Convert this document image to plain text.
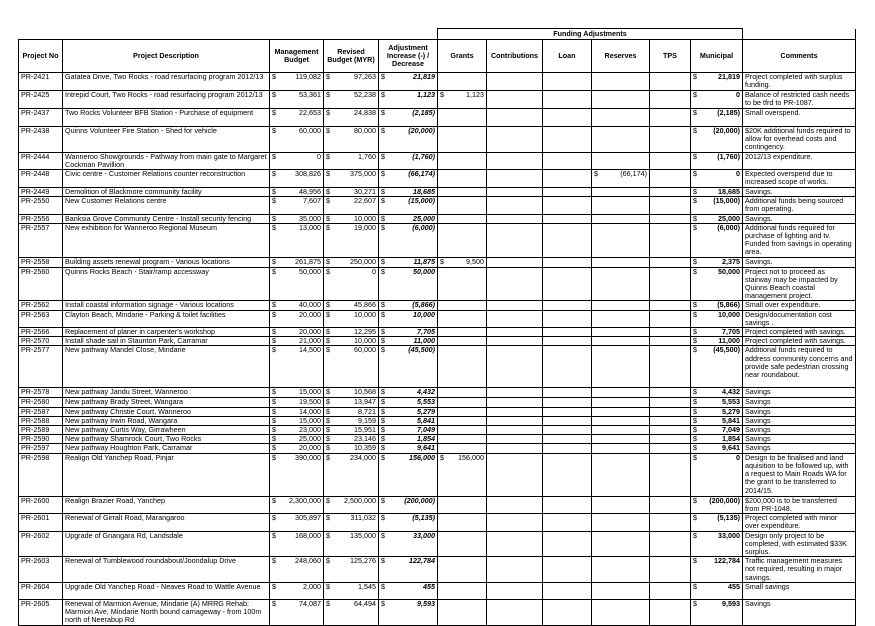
					Funding Adjustments						
Project No	Project Description	Management Budget	Revised Budget (MYR)	Adjustment Increase (-) / Decrease	Grants	Contributions	Loan	Reserves	TPS	Municipal	Comments
PR-2421	Gatatea Drive, Two Rocks - road resurfacing program 2012/13	$ 119,082	$ 97,263	$ 21,819						$ 21,819	Project completed with surplus funding.
PR-2425	Intrepid Court, Two Rocks - road resurfacing program 2012/13	$ 53,361	$ 52,238	$ 1,123	$ 1,123					$ 0	Balance of restricted cash needs to be tfrd to PR-1087.
PR-2437	Two Rocks Volunteer BFB Station - Purchase of equipment	$ 22,653	$ 24,838	$ (2,185)						$ (2,185)	Small overspend.
PR-2438	Quinns Volunteer Fire Station - Shed for vehicle	$ 60,000	$ 80,000	$ (20,000)						$ (20,000)	$20K additional funds required to allow for overhead costs and contingency.
PR-2444	Wanneroo Showgrounds - Pathway from main gate to Margaret Cockman Pavillion	$ 0	$ 1,760	$ (1,760)						$ (1,760)	2012/13 expenditure.
PR-2448	Civic centre - Customer Relations counter reconstruction	$ 308,826	$ 375,000	$ (66,174)				$ (66,174)		$ 0	Expected overspend due to increased scope of works.
PR-2449	Demolition of Blackmore community facility	$ 48,956	$ 30,271	$ 18,685						$ 18,685	Savings.
PR-2550	New Customer Relations centre	$ 7,607	$ 22,607	$ (15,000)						$ (15,000)	Additional funds being sourced from operating.
PR-2556	Banksia Grove Community Centre - Install security fencing	$ 35,000	$ 10,000	$ 25,000						$ 25,000	Savings.
PR-2557	New exhibition for Wanneroo Regional Museum	$ 13,000	$ 19,000	$ (6,000)						$ (6,000)	Additional funds required for purchase of lighting and tv. Funded from savings in operating area.
PR-2558	Building assets renewal program - Various locations	$ 261,875	$ 250,000	$ 11,875	$ 9,500					$ 2,375	Savings.
PR-2560	Quinns Rocks Beach - Stair/ramp accessway	$ 50,000	$ 0	$ 50,000						$ 50,000	Project not to proceed as stairway may be impacted by Quinns Beach coastal management project.
PR-2562	Install coastal information signage - Various locations	$ 40,000	$ 45,866	$ (5,866)						$ (5,866)	Small over expenditure.
PR-2563	Clayton Beach, Mindarie - Parking & toilet facilities	$ 20,000	$ 10,000	$ 10,000						$ 10,000	Design/documentation cost savings .
PR-2566	Replacement of planer in carpenter's workshop	$ 20,000	$ 12,295	$ 7,705						$ 7,705	Project completed with savings.
PR-2570	Install shade sail in Staunton Park, Carramar	$ 21,000	$ 10,000	$ 11,000						$ 11,000	Project completed with savings.
PR-2577	New pathway Mandel Close, Mindarie	$ 14,500	$ 60,000	$ (45,500)						$ (45,500)	Additional funds required to address community concerns and provide safe pedestrian crossing near roundabout.
PR-2578	New pathway Jandu Street, Wanneroo	$ 15,000	$ 10,568	$ 4,432						$ 4,432	Savings
PR-2580	New pathway Brady Street, Wangara	$ 19,500	$ 13,947	$ 5,553						$ 5,553	Savings
PR-2587	New pathway Christie Court, Wanneroo	$ 14,000	$ 8,721	$ 5,279						$ 5,279	Savings
PR-2588	New pathway Irwin Road, Wangara	$ 15,000	$ 9,159	$ 5,841						$ 5,841	Savings
PR-2589	New pathway Curtis Way, Girrawheen	$ 23,000	$ 15,951	$ 7,049						$ 7,049	Savings
PR-2590	New pathway Shamrock Court, Two Rocks	$ 25,000	$ 23,146	$ 1,854						$ 1,854	Savings
PR-2597	New pathway Houghton Park, Carramar	$ 20,000	$ 10,359	$ 9,641						$ 9,641	Savings
PR-2598	Realign Old Yanchep Road, Pinjar	$ 390,000	$ 234,000	$ 156,000	$ 156,000					$ 0	Design to be finalised and land aquisition to be followed up, with a request to Main Roads WA for the grant to be transferred to 2014/15.
PR-2600	Realign Brazier Road, Yanchep	$ 2,300,000	$ 2,500,000	$ (200,000)						$ (200,000)	$200,000 is to be transferred from PR-1048.
PR-2601	Renewal of Girralt Road, Marangaroo	$ 305,897	$ 311,032	$ (5,135)						$ (5,135)	Project completed with minor over expenditure.
PR-2602	Upgrade of Gnangara Rd, Landsdale	$ 168,000	$ 135,000	$ 33,000						$ 33,000	Design only project to be completed, with estimated $33K surplus.
PR-2603	Renewal of Tumblewood roundabout/Joondalup Drive	$ 248,060	$ 125,276	$ 122,784						$ 122,784	Traffic management measures not required, resulting in major savings.
PR-2604	Upgrade Old Yanchep Road - Neaves Road to Wattle Avenue	$ 2,000	$ 1,545	$ 455						$ 455	Small savings
PR-2605	Renewal of Marmion Avenue, Mindarie (A) MRRG Rehab: Marmion Ave, Mindarie North bound carriageway - from 100m north of Neerabup Rd	$ 74,087	$ 64,494	$ 9,593						$ 9,593	Savings
